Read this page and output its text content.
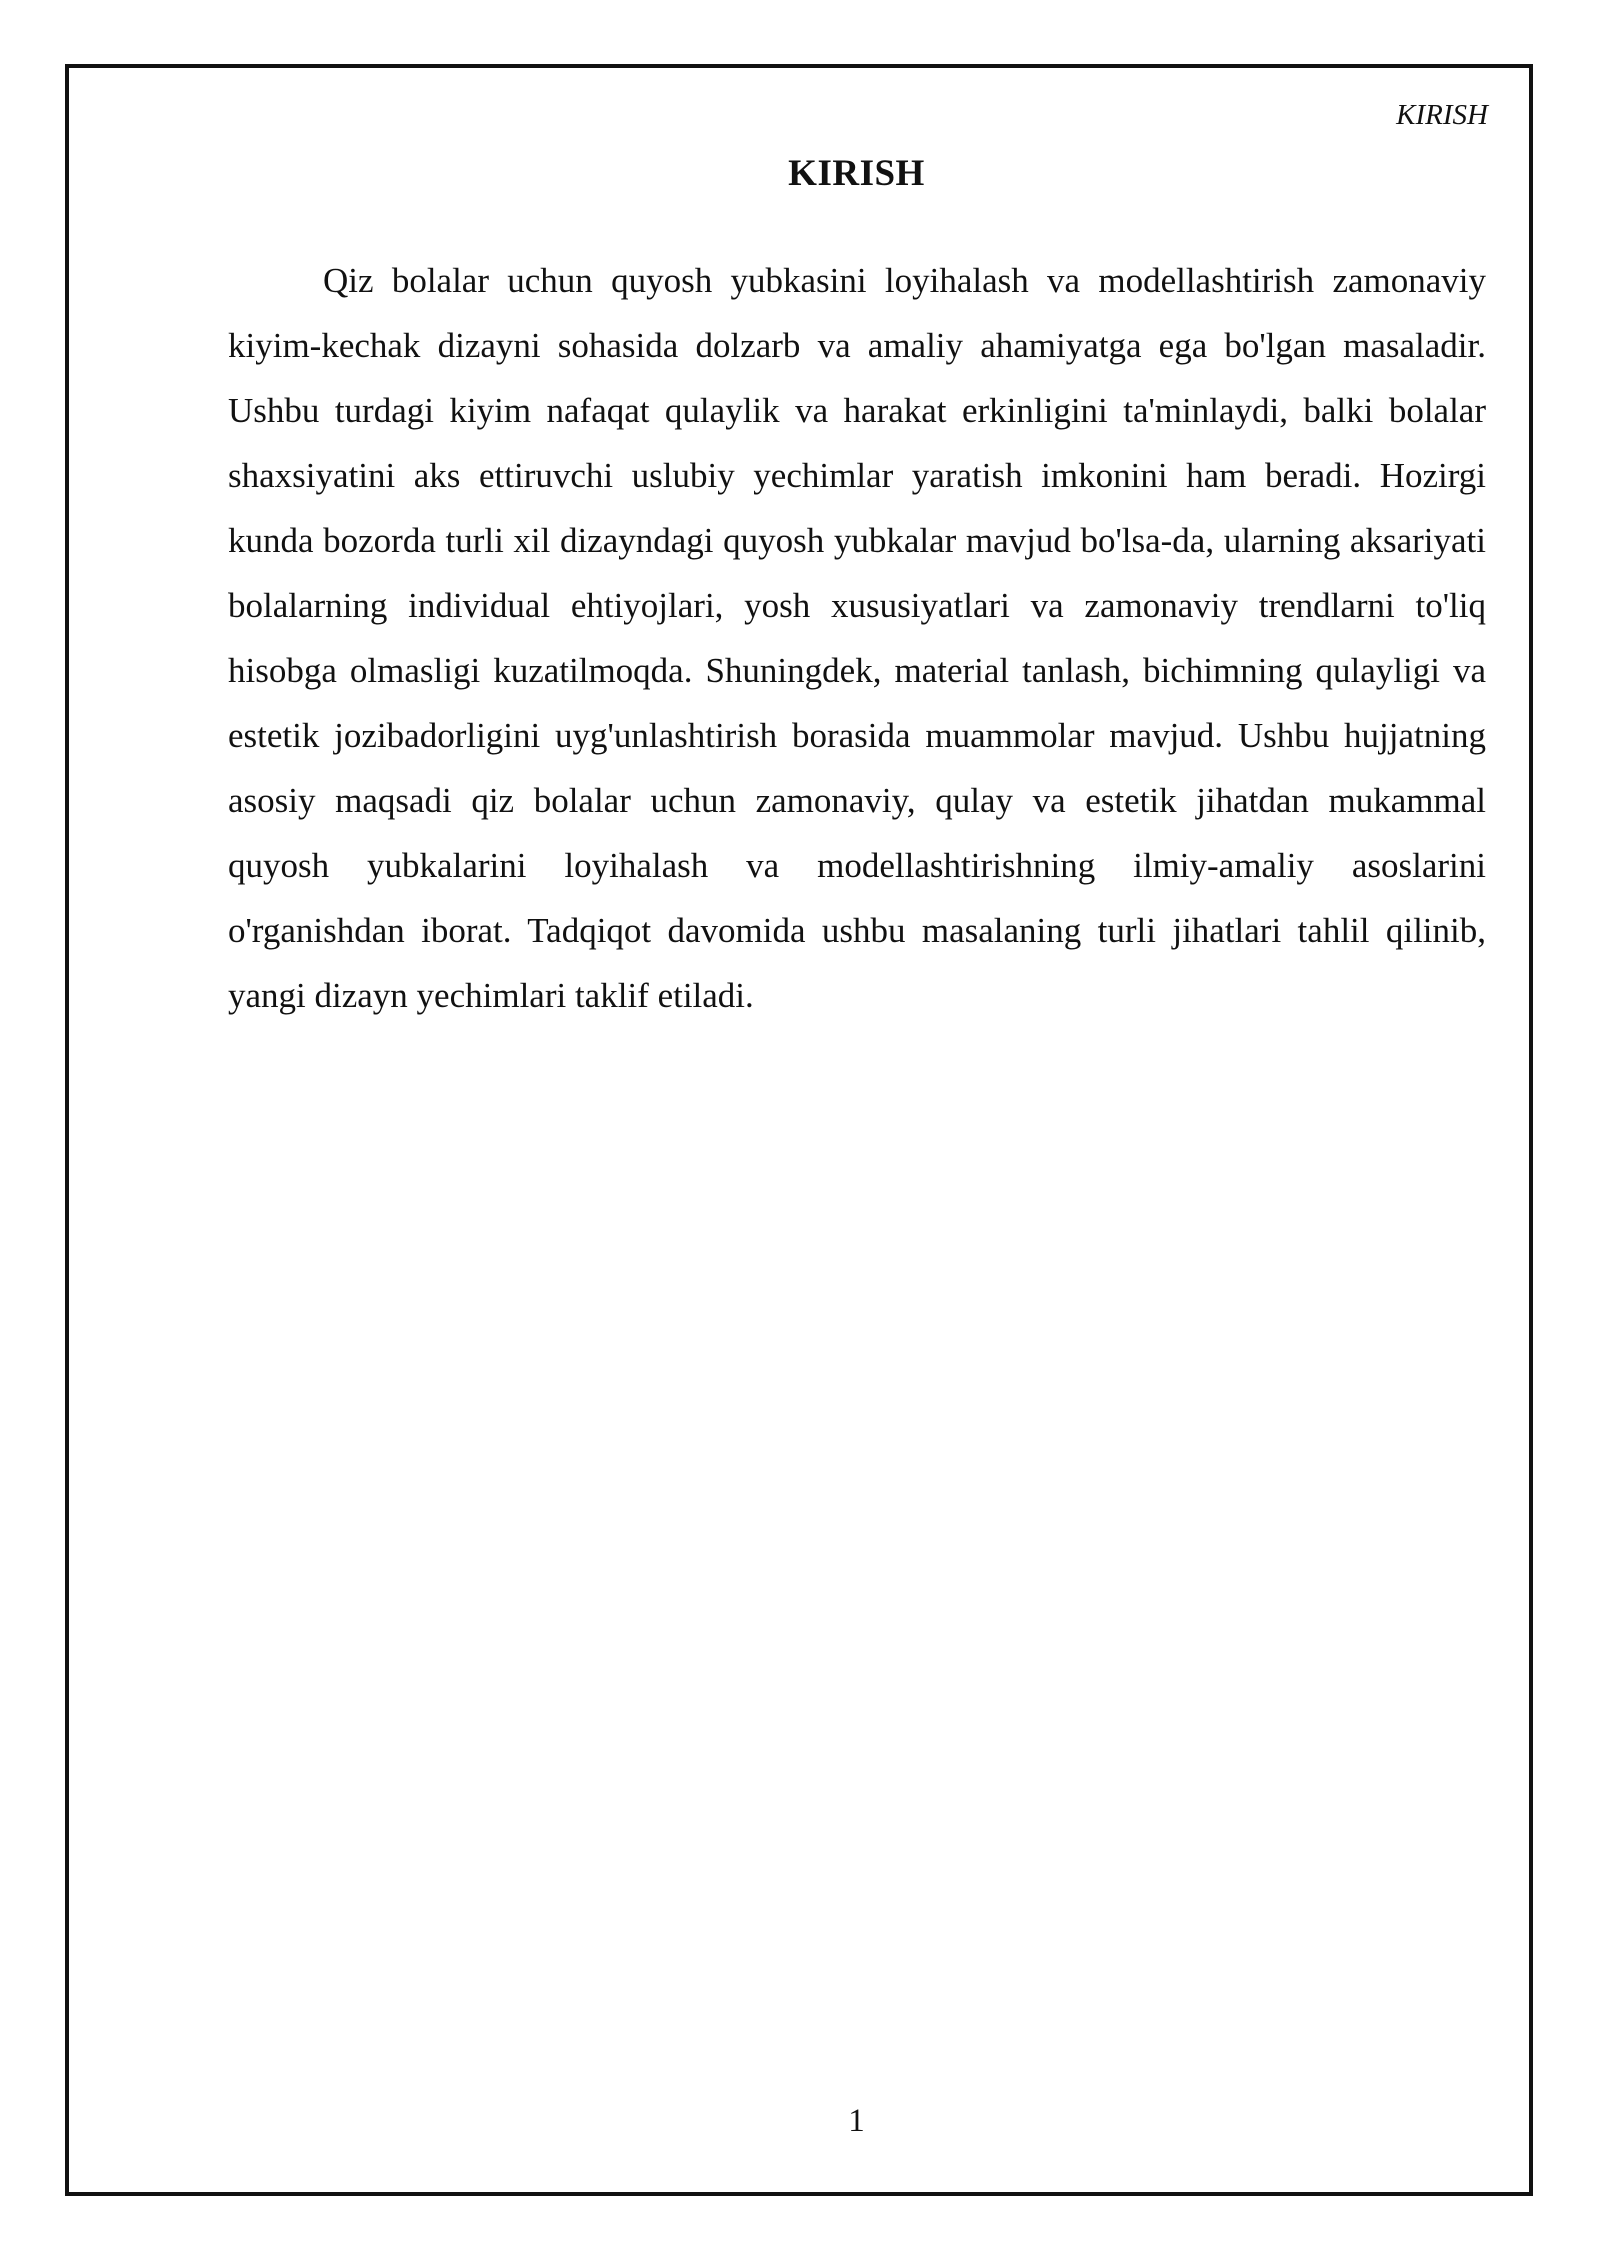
KIRISH

KIRISH

Qiz bolalar uchun quyosh yubkasini loyihalash va modellashtirish zamonaviy kiyim-kechak dizayni sohasida dolzarb va amaliy ahamiyatga ega bo'lgan masaladir. Ushbu turdagi kiyim nafaqat qulaylik va harakat erkinligini ta'minlaydi, balki bolalar shaxsiyatini aks ettiruvchi uslubiy yechimlar yaratish imkonini ham beradi. Hozirgi kunda bozorda turli xil dizayndagi quyosh yubkalar mavjud bo'lsa-da, ularning aksariyati bolalarning individual ehtiyojlari, yosh xususiyatlari va zamonaviy trendlarni to'liq hisobga olmasligi kuzatilmoqda. Shuningdek, material tanlash, bichimning qulayligi va estetik jozibadorligini uyg'unlashtirish borasida muammolar mavjud. Ushbu hujjatning asosiy maqsadi qiz bolalar uchun zamonaviy, qulay va estetik jihatdan mukammal quyosh yubkalarini loyihalash va modellashtirishning ilmiy-amaliy asoslarini o'rganishdan iborat. Tadqiqot davomida ushbu masalaning turli jihatlari tahlil qilinib, yangi dizayn yechimlari taklif etiladi.

1
